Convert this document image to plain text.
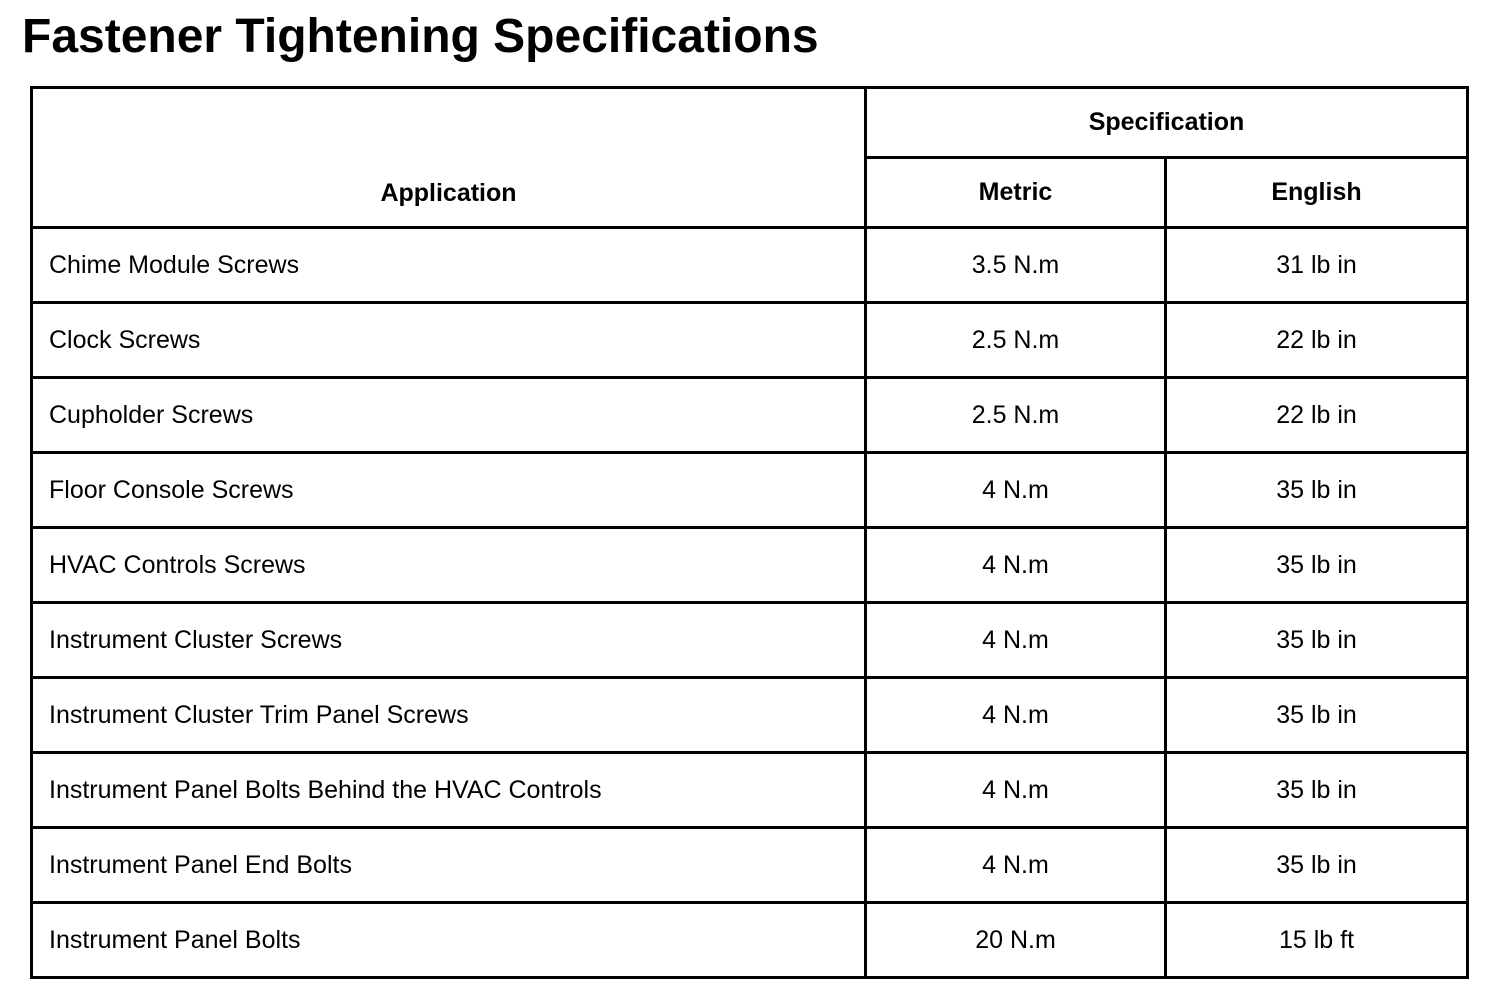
Fastener Tightening Specifications
Application	Specification	
	Metric	English
Chime Module Screws	3.5 N.m	31 lb in
Clock Screws	2.5 N.m	22 lb in
Cupholder Screws	2.5 N.m	22 lb in
Floor Console Screws	4 N.m	35 lb in
HVAC Controls Screws	4 N.m	35 lb in
Instrument Cluster Screws	4 N.m	35 lb in
Instrument Cluster Trim Panel Screws	4 N.m	35 lb in
Instrument Panel Bolts Behind the HVAC Controls	4 N.m	35 lb in
Instrument Panel End Bolts	4 N.m	35 lb in
Instrument Panel Bolts	20 N.m	15 lb ft
